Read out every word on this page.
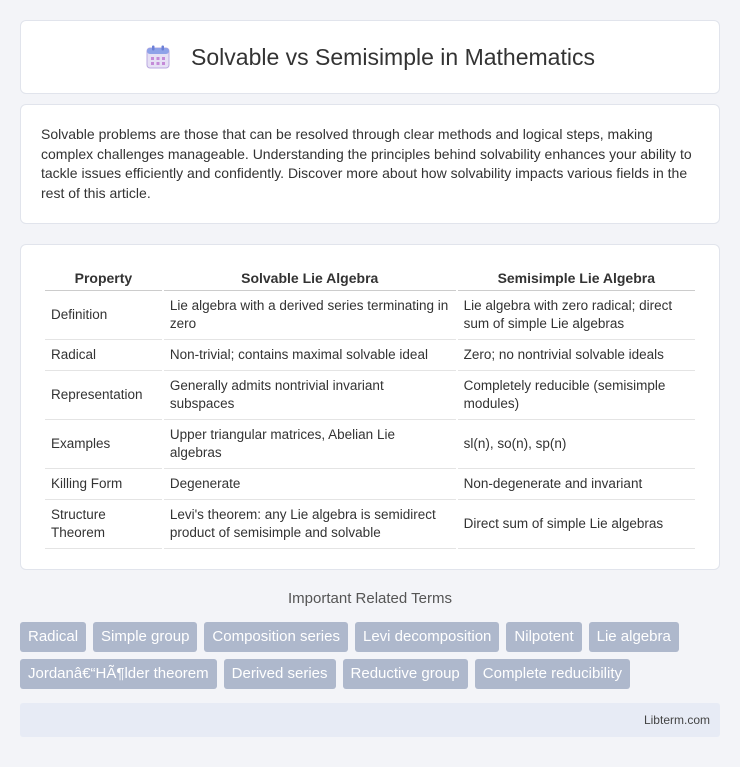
Solvable vs Semisimple in Mathematics

Solvable problems are those that can be resolved through clear methods and logical steps, making complex challenges manageable. Understanding the principles behind solvability enhances your ability to tackle issues efficiently and confidently. Discover more about how solvability impacts various fields in the rest of this article.

Property	Solvable Lie Algebra	Semisimple Lie Algebra
Definition	Lie algebra with a derived series terminating in zero	Lie algebra with zero radical; direct sum of simple Lie algebras
Radical	Non-trivial; contains maximal solvable ideal	Zero; no nontrivial solvable ideals
Representation	Generally admits nontrivial invariant subspaces	Completely reducible (semisimple modules)
Examples	Upper triangular matrices, Abelian Lie algebras	sl(n), so(n), sp(n)
Killing Form	Degenerate	Non-degenerate and invariant
Structure Theorem	Levi's theorem: any Lie algebra is semidirect product of semisimple and solvable	Direct sum of simple Lie algebras
Important Related Terms
Radical	Simple group	Composition series	Levi decomposition	Nilpotent	Lie algebra
Jordanâ€“HÃ¶lder theorem	Derived series	Reductive group	Complete reducibility
Libterm.com
